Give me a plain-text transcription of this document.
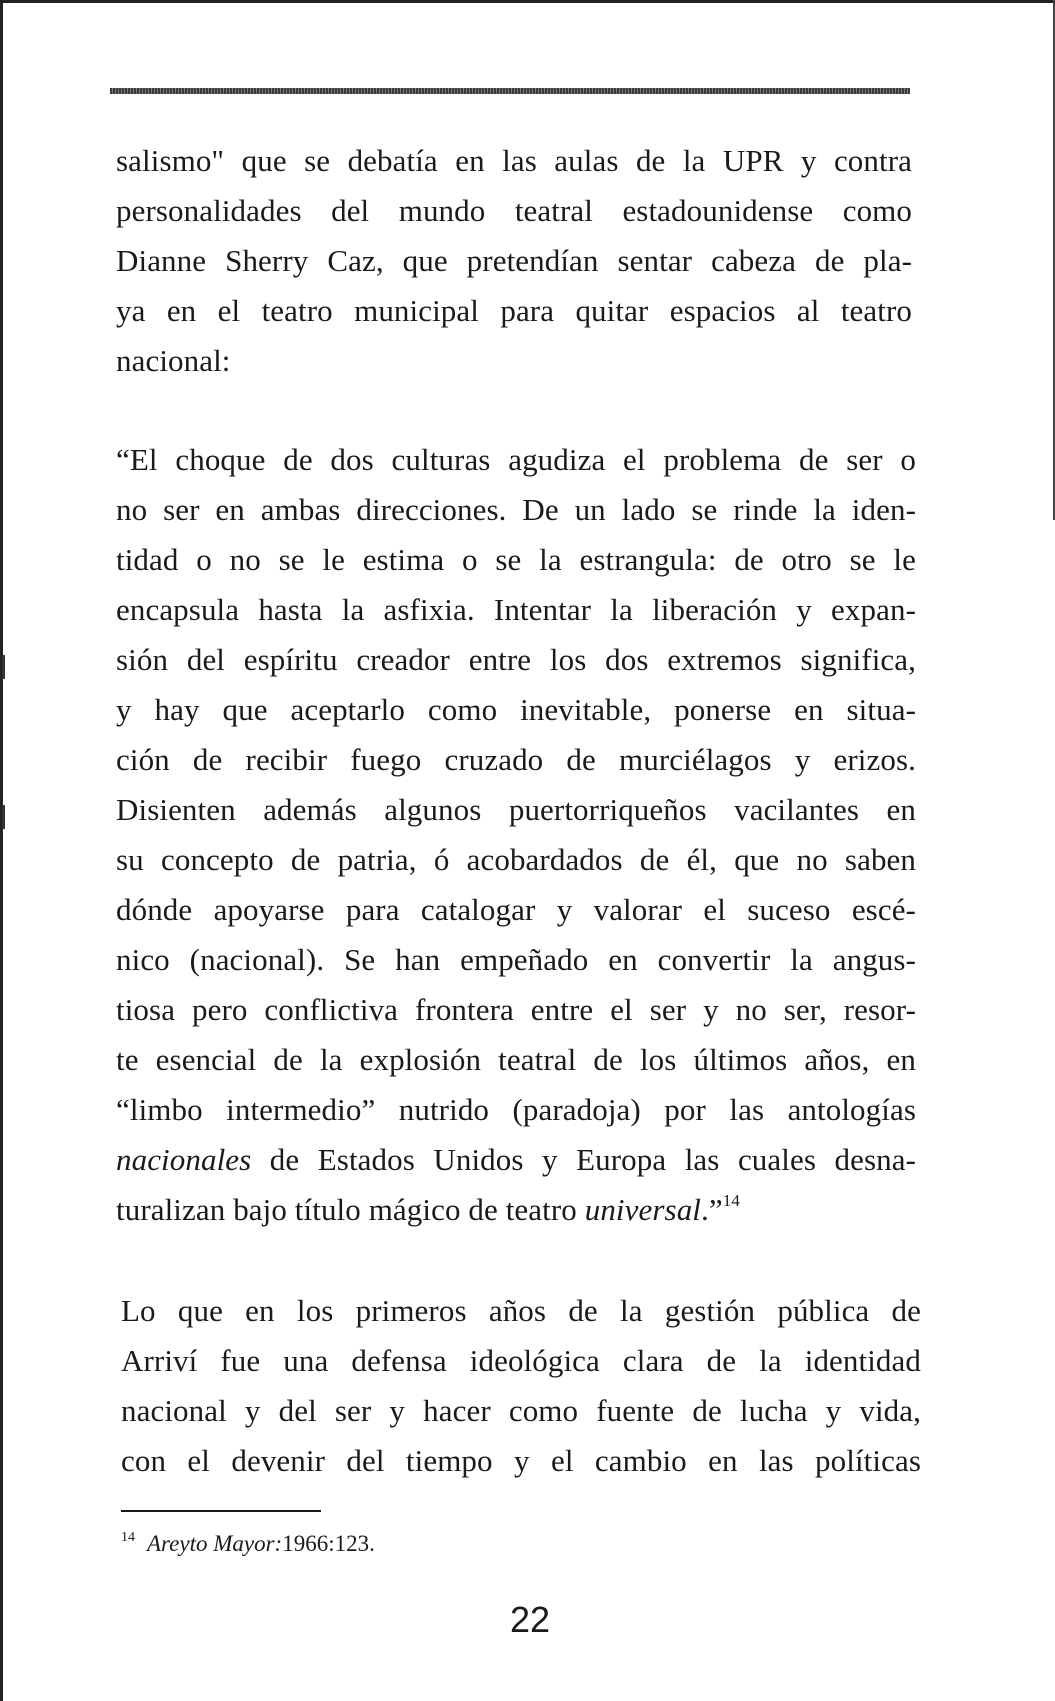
salismo" que se debatía en las aulas de la UPR y contra
personalidades del mundo teatral estadounidense como
Dianne Sherry Caz, que pretendían sentar cabeza de pla-
ya en el teatro municipal para quitar espacios al teatro
nacional:
“El choque de dos culturas agudiza el problema de ser o
no ser en ambas direcciones. De un lado se rinde la iden-
tidad o no se le estima o se la estrangula: de otro se le
encapsula hasta la asfixia. Intentar la liberación y expan-
sión del espíritu creador entre los dos extremos significa,
y hay que aceptarlo como inevitable, ponerse en situa-
ción de recibir fuego cruzado de murciélagos y erizos.
Disienten además algunos puertorriqueños vacilantes en
su concepto de patria, ó acobardados de él, que no saben
dónde apoyarse para catalogar y valorar el suceso escé-
nico (nacional). Se han empeñado en convertir la angus-
tiosa pero conflictiva frontera entre el ser y no ser, resor-
te esencial de la explosión teatral de los últimos años, en
“limbo intermedio” nutrido (paradoja) por las antologías
nacionales de Estados Unidos y Europa las cuales desna-
turalizan bajo título mágico de teatro universal.”$^{14}$
Lo que en los primeros años de la gestión pública de
Arriví fue una defensa ideológica clara de la identidad
nacional y del ser y hacer como fuente de lucha y vida,
con el devenir del tiempo y el cambio en las políticas
$^{14}$ Areyto Mayor:1966:123.
22
